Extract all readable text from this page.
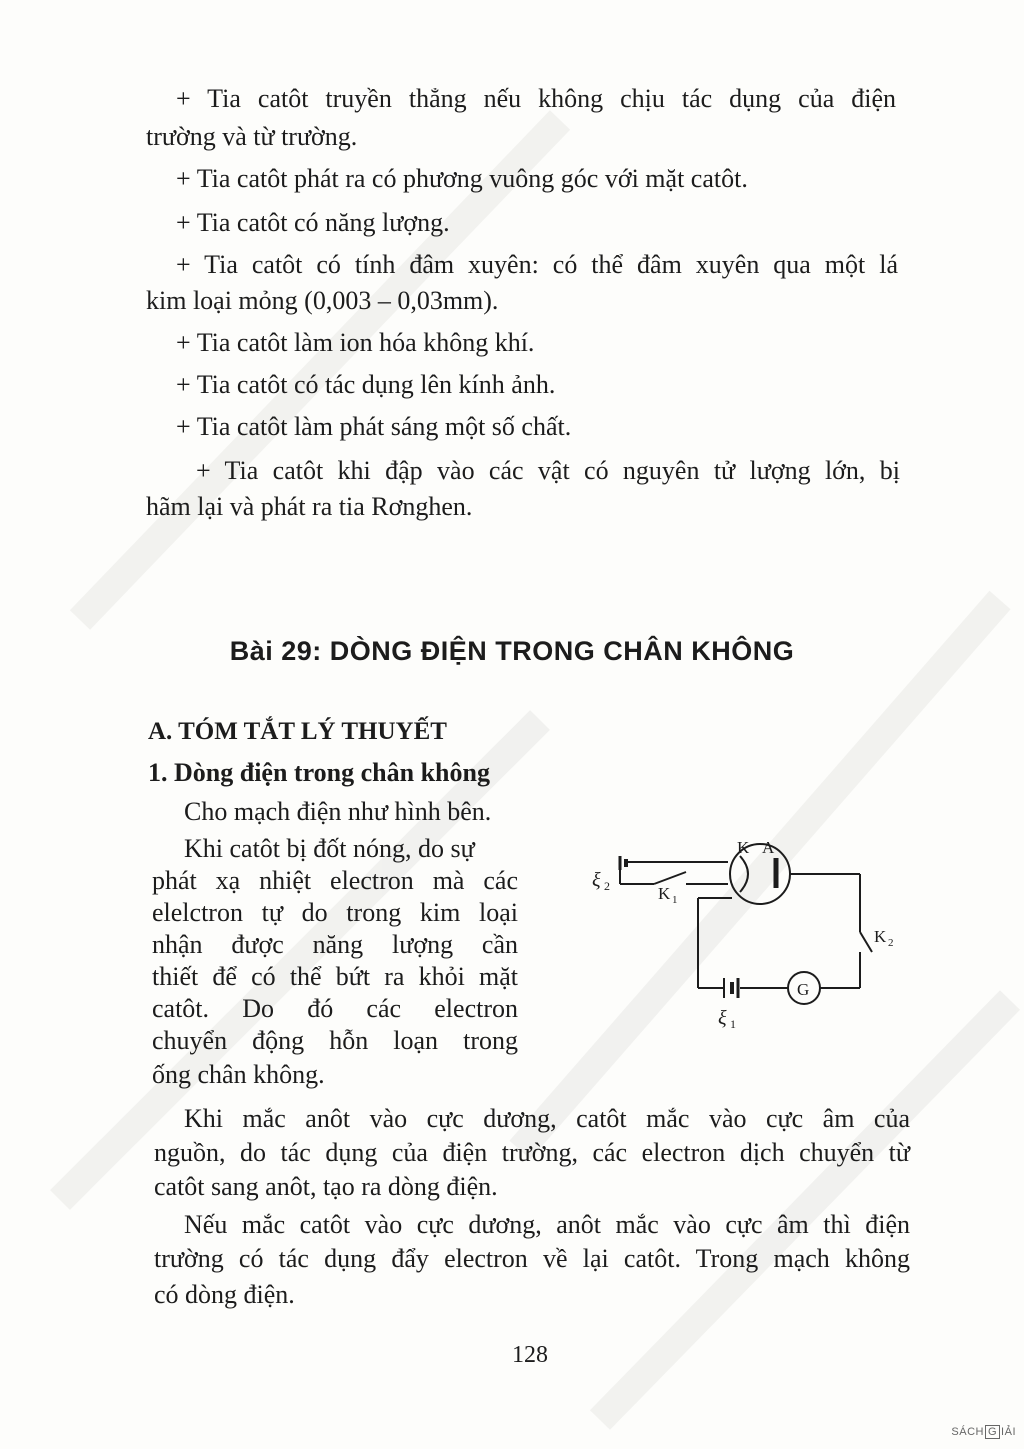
+ Tia catôt truyền thẳng nếu không chịu tác dụng của điện
trường và từ trường.
+ Tia catôt phát ra có phương vuông góc với mặt catôt.
+ Tia catôt có năng lượng.
+ Tia catôt có tính đâm xuyên: có thể đâm xuyên qua một lá
kim loại mỏng (0,003 – 0,03mm).
+ Tia catôt làm ion hóa không khí.
+ Tia catôt có tác dụng lên kính ảnh.
+ Tia catôt làm phát sáng một số chất.
+ Tia catôt khi đập vào các vật có nguyên tử lượng lớn, bị
hãm lại và phát ra tia Rơnghen.
Bài 29: DÒNG ĐIỆN TRONG CHÂN KHÔNG
A. TÓM TẮT LÝ THUYẾT
1. Dòng điện trong chân không
Cho mạch điện như hình bên.
Khi catôt bị đốt nóng, do sự
phát xạ nhiệt electron mà các
elelctron tự do trong kim loại
nhận được năng lượng cần
thiết để có thể bứt ra khỏi mặt
catôt. Do đó các electron
chuyển động hỗn loạn trong
ống chân không.
K A
ξ 2	K 1
K 2
G
ξ 1
Khi mắc anôt vào cực dương, catôt mắc vào cực âm của
nguồn, do tác dụng của điện trường, các electron dịch chuyển từ
catôt sang anôt, tạo ra dòng điện.
Nếu mắc catôt vào cực dương, anôt mắc vào cực âm thì điện
trường có tác dụng đẩy electron về lại catôt. Trong mạch không
có dòng điện.
128
SÁCH G IẢI
